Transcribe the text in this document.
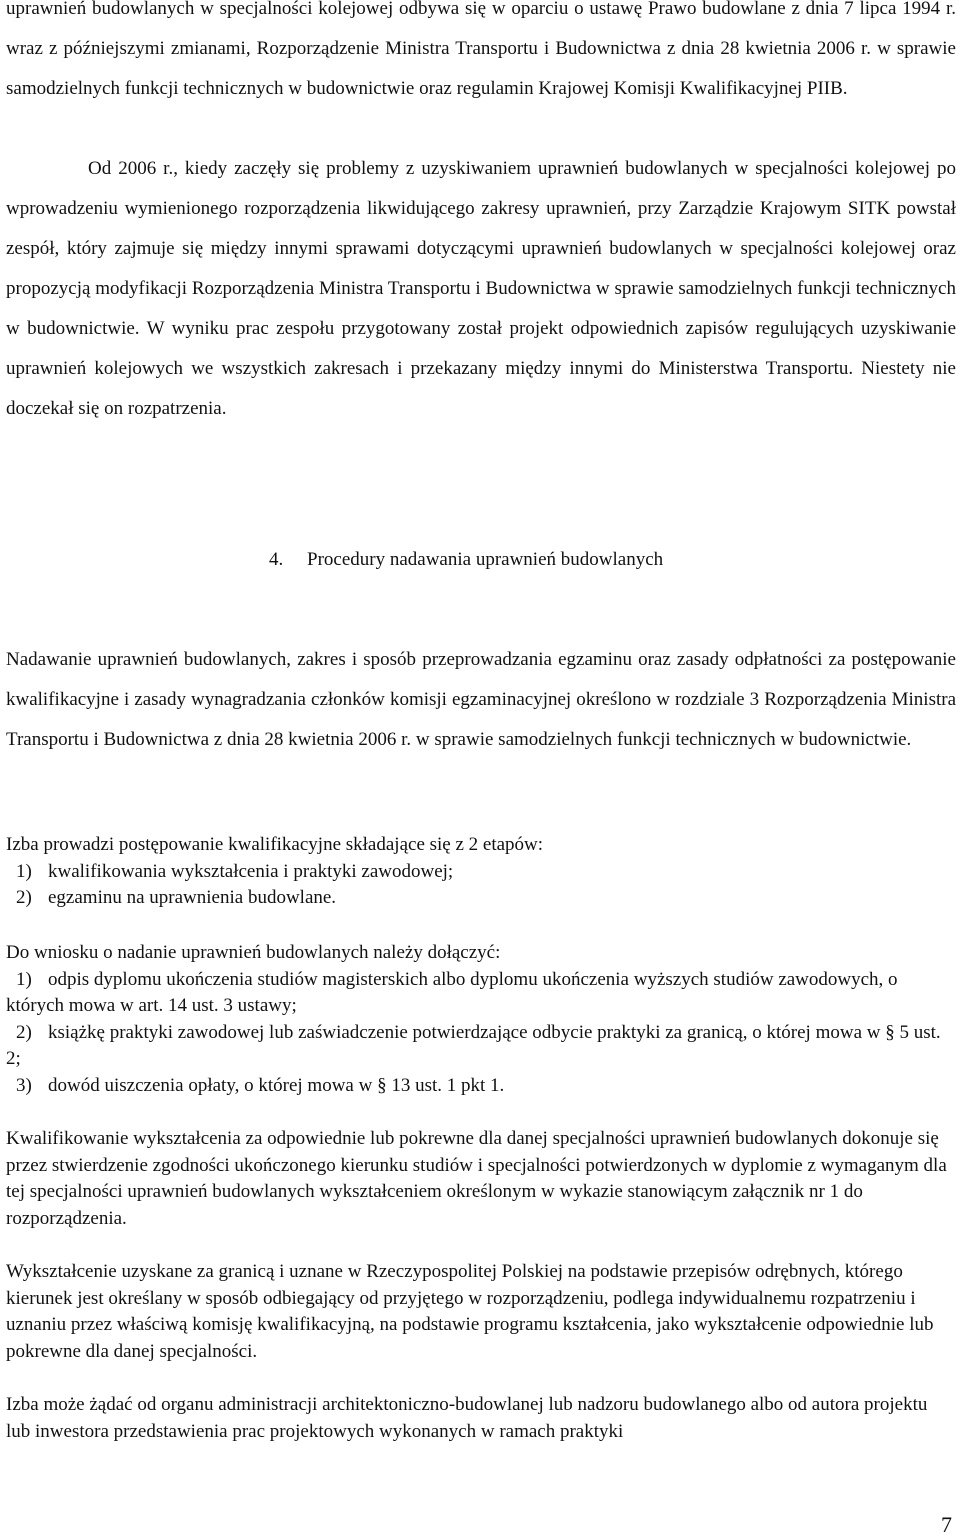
uprawnień budowlanych w specjalności kolejowej odbywa się w oparciu o ustawę Prawo budowlane z dnia 7 lipca 1994 r. wraz z późniejszymi zmianami, Rozporządzenie Ministra Transportu i Budownictwa z dnia 28 kwietnia 2006 r. w sprawie samodzielnych funkcji technicznych w budownictwie oraz regulamin Krajowej Komisji Kwalifikacyjnej PIIB.

Od 2006 r., kiedy zaczęły się problemy z uzyskiwaniem uprawnień budowlanych w specjalności kolejowej po wprowadzeniu wymienionego rozporządzenia likwidującego zakresy uprawnień, przy Zarządzie Krajowym SITK powstał zespół, który zajmuje się między innymi sprawami dotyczącymi uprawnień budowlanych w specjalności kolejowej oraz propozycją modyfikacji Rozporządzenia Ministra Transportu i Budownictwa w sprawie samodzielnych funkcji technicznych w budownictwie. W wyniku prac zespołu przygotowany został projekt odpowiednich zapisów regulujących uzyskiwanie uprawnień kolejowych we wszystkich zakresach i przekazany między innymi do Ministerstwa Transportu. Niestety nie doczekał się on rozpatrzenia.

4. Procedury nadawania uprawnień budowlanych

Nadawanie uprawnień budowlanych, zakres i sposób przeprowadzania egzaminu oraz zasady odpłatności za postępowanie kwalifikacyjne i zasady wynagradzania członków komisji egzaminacyjnej określono w rozdziale 3 Rozporządzenia Ministra Transportu i Budownictwa z dnia 28 kwietnia 2006 r. w sprawie samodzielnych funkcji technicznych w budownictwie.

Izba prowadzi postępowanie kwalifikacyjne składające się z 2 etapów:
1) kwalifikowania wykształcenia i praktyki zawodowej;
2) egzaminu na uprawnienia budowlane.
Do wniosku o nadanie uprawnień budowlanych należy dołączyć:
1) odpis dyplomu ukończenia studiów magisterskich albo dyplomu ukończenia wyższych studiów zawodowych, o których mowa w art. 14 ust. 3 ustawy;
2) książkę praktyki zawodowej lub zaświadczenie potwierdzające odbycie praktyki za granicą, o której mowa w § 5 ust. 2;
3) dowód uiszczenia opłaty, o której mowa w § 13 ust. 1 pkt 1.

Kwalifikowanie wykształcenia za odpowiednie lub pokrewne dla danej specjalności uprawnień budowlanych dokonuje się przez stwierdzenie zgodności ukończonego kierunku studiów i specjalności potwierdzonych w dyplomie z wymaganym dla tej specjalności uprawnień budowlanych wykształceniem określonym w wykazie stanowiącym załącznik nr 1 do rozporządzenia.

Wykształcenie uzyskane za granicą i uznane w Rzeczypospolitej Polskiej na podstawie przepisów odrębnych, którego kierunek jest określany w sposób odbiegający od przyjętego w rozporządzeniu, podlega indywidualnemu rozpatrzeniu i uznaniu przez właściwą komisję kwalifikacyjną, na podstawie programu kształcenia, jako wykształcenie odpowiednie lub pokrewne dla danej specjalności.

Izba może żądać od organu administracji architektoniczno-budowlanej lub nadzoru budowlanego albo od autora projektu lub inwestora przedstawienia prac projektowych wykonanych w ramach praktyki

7
